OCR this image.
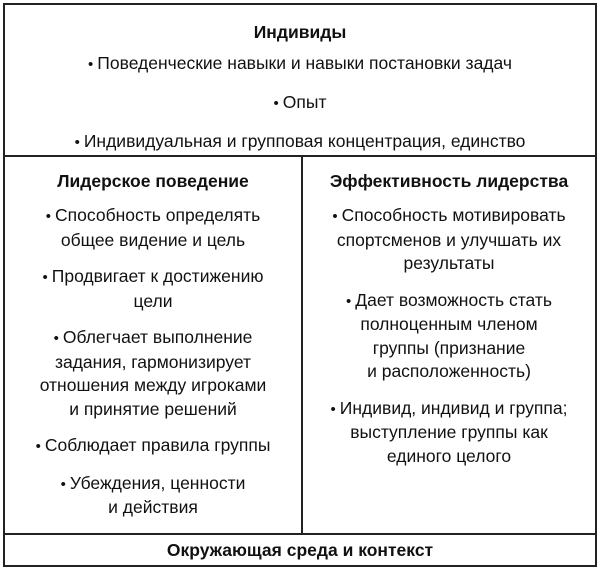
Индивиды
• Поведенческие навыки и навыки постановки задач
• Опыт
• Индивидуальная и групповая концентрация, единство
Лидерское поведение
• Способность определять
общее видение и цель
• Продвигает к достижению
цели
• Облегчает выполнение
задания, гармонизирует
отношения между игроками
и принятие решений
• Соблюдает правила группы
• Убеждения, ценности
и действия
Эффективность лидерства
• Способность мотивировать
спортсменов и улучшать их
результаты
• Дает возможность стать
полноценным членом
группы (признание
и расположенность)
• Индивид, индивид и группа;
выступление группы как
единого целого
Окружающая среда и контекст
